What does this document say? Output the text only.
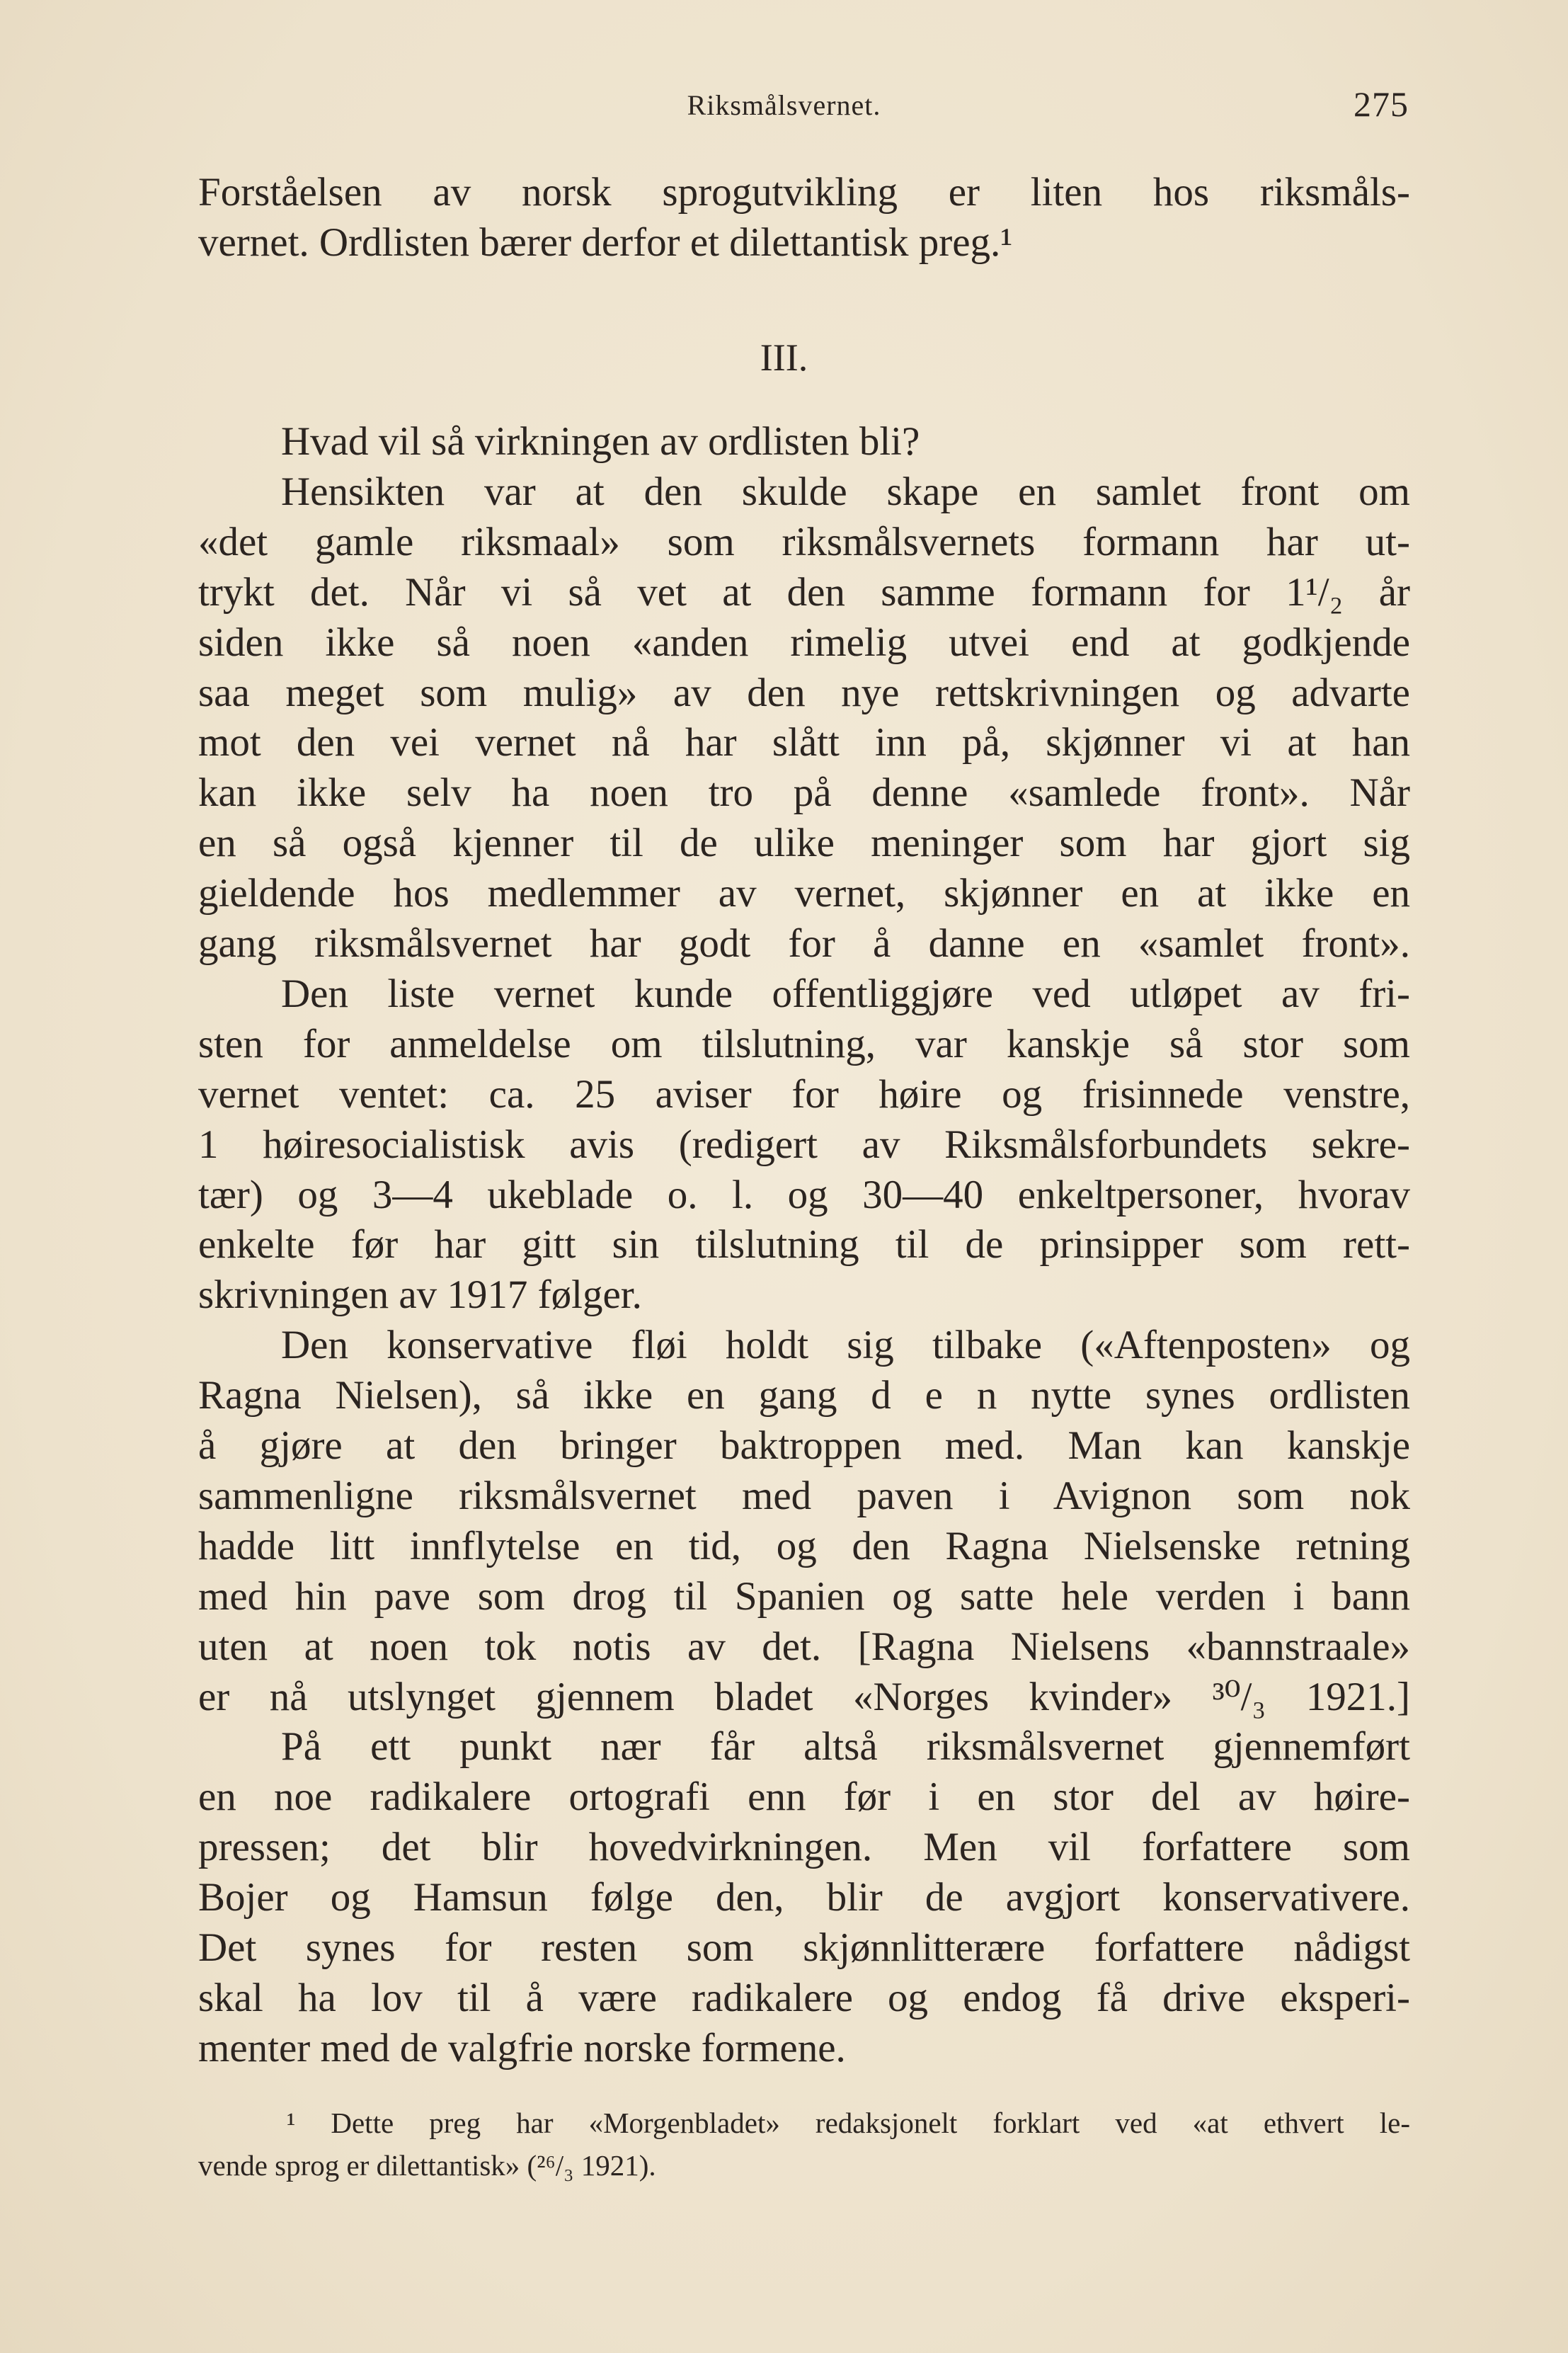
Riksmålsvernet.	275
Forståelsen av norsk sprogutvikling er liten hos riksmåls-
vernet. Ordlisten bærer derfor et dilettantisk preg.¹
III.
Hvad vil så virkningen av ordlisten bli?
Hensikten var at den skulde skape en samlet front om
«det gamle riksmaal» som riksmålsvernets formann har ut-
trykt det. Når vi så vet at den samme formann for 1¹/₂ år
siden ikke så noen «anden rimelig utvei end at godkjende
saa meget som mulig» av den nye rettskrivningen og advarte
mot den vei vernet nå har slått inn på, skjønner vi at han
kan ikke selv ha noen tro på denne «samlede front». Når
en så også kjenner til de ulike meninger som har gjort sig
gieldende hos medlemmer av vernet, skjønner en at ikke en
gang riksmålsvernet har godt for å danne en «samlet front».
Den liste vernet kunde offentliggjøre ved utløpet av fri-
sten for anmeldelse om tilslutning, var kanskje så stor som
vernet ventet: ca. 25 aviser for høire og frisinnede venstre,
1 høiresocialistisk avis (redigert av Riksmålsforbundets sekre-
tær) og 3—4 ukeblade o. l. og 30—40 enkeltpersoner, hvorav
enkelte før har gitt sin tilslutning til de prinsipper som rett-
skrivningen av 1917 følger.
Den konservative fløi holdt sig tilbake («Aftenposten» og
Ragna Nielsen), så ikke en gang d e n nytte synes ordlisten
å gjøre at den bringer baktroppen med. Man kan kanskje
sammenligne riksmålsvernet med paven i Avignon som nok
hadde litt innflytelse en tid, og den Ragna Nielsenske retning
med hin pave som drog til Spanien og satte hele verden i bann
uten at noen tok notis av det. [Ragna Nielsens «bannstraale»
er nå utslynget gjennem bladet «Norges kvinder» ³⁰/₃ 1921.]
På ett punkt nær får altså riksmålsvernet gjennemført
en noe radikalere ortografi enn før i en stor del av høire-
pressen; det blir hovedvirkningen. Men vil forfattere som
Bojer og Hamsun følge den, blir de avgjort konservativere.
Det synes for resten som skjønnlitterære forfattere nådigst
skal ha lov til å være radikalere og endog få drive eksperi-
menter med de valgfrie norske formene.
¹ Dette preg har «Morgenbladet» redaksjonelt forklart ved «at ethvert le-
vende sprog er dilettantisk» (²⁶/₃ 1921).
